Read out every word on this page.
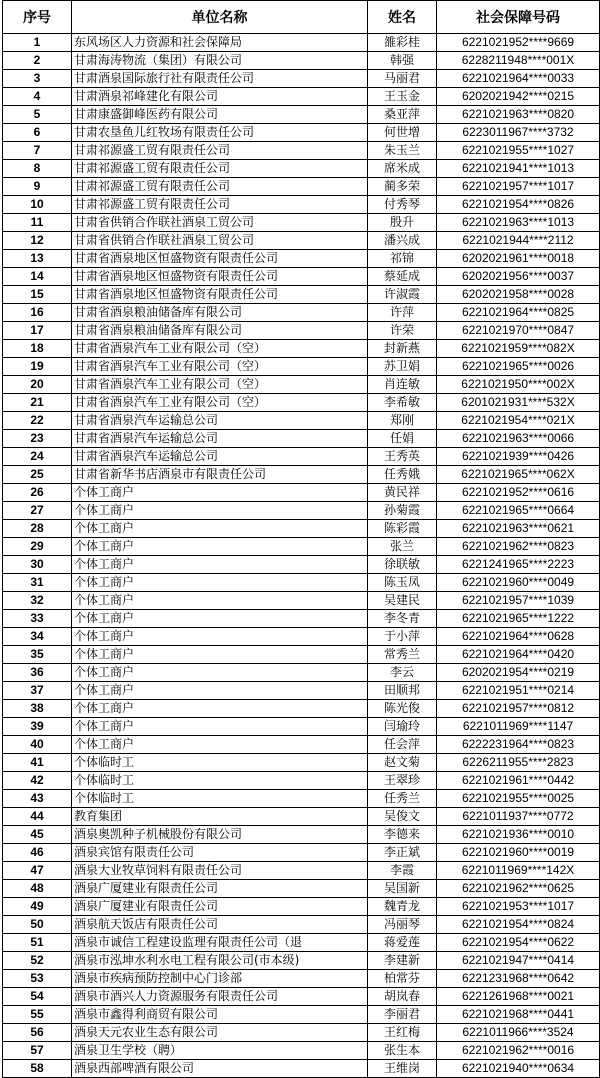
序号	单位名称	姓名	社会保障号码
1	东风场区人力资源和社会保障局	雒彩桂	6221021952****9669
2	甘肃海涛物流（集团）有限公司	韩强	6228211948****001X
3	甘肃酒泉国际旅行社有限责任公司	马丽君	6221021964****0033
4	甘肃酒泉祁峰建化有限公司	王玉金	6202021942****0215
5	甘肃康盛御峰医药有限公司	桑亚萍	6221021963****0820
6	甘肃农垦鱼儿红牧场有限责任公司	何世增	6223011967****3732
7	甘肃祁源盛工贸有限责任公司	朱玉兰	6221021955****1027
8	甘肃祁源盛工贸有限责任公司	席米成	6221021941****1013
9	甘肃祁源盛工贸有限责任公司	蔺多荣	6221021957****1017
10	甘肃祁源盛工贸有限责任公司	付秀琴	6221021954****0826
11	甘肃省供销合作联社酒泉工贸公司	殷升	6221021963****1013
12	甘肃省供销合作联社酒泉工贸公司	潘兴成	6221021944****2112
13	甘肃省酒泉地区恒盛物资有限责任公司	祁锦	6202021961****0018
14	甘肃省酒泉地区恒盛物资有限责任公司	蔡延成	6202021956****0037
15	甘肃省酒泉地区恒盛物资有限责任公司	许淑霞	6202021958****0028
16	甘肃省酒泉粮油储备库有限公司	许萍	6221021964****0825
17	甘肃省酒泉粮油储备库有限公司	许荣	6221021970****0847
18	甘肃省酒泉汽车工业有限公司（空）	封新燕	6221021959****082X
19	甘肃省酒泉汽车工业有限公司（空）	苏卫娟	6221021965****0026
20	甘肃省酒泉汽车工业有限公司（空）	肖连敏	6221021950****002X
21	甘肃省酒泉汽车工业有限公司（空）	李希敏	6201021931****532X
22	甘肃省酒泉汽车运输总公司	郑刚	6221021954****021X
23	甘肃省酒泉汽车运输总公司	任娟	6221021963****0066
24	甘肃省酒泉汽车运输总公司	王秀英	6221021939****0426
25	甘肃省新华书店酒泉市有限责任公司	任秀娥	6221021965****062X
26	个体工商户	黄民祥	6221021952****0616
27	个体工商户	孙菊霞	6221021965****0664
28	个体工商户	陈彩霞	6221021963****0621
29	个体工商户	张兰	6221021962****0823
30	个体工商户	徐联敏	6221241965****2223
31	个体工商户	陈玉凤	6221021960****0049
32	个体工商户	吴建民	6221021957****1039
33	个体工商户	李冬青	6221021965****1222
34	个体工商户	于小萍	6221021964****0628
35	个体工商户	常秀兰	6221021964****0420
36	个体工商户	李云	6202021954****0219
37	个体工商户	田顺邦	6221021951****0214
38	个体工商户	陈光俊	6221021957****0812
39	个体工商户	闫瑜玲	6221011969****1147
40	个体工商户	任会萍	6222231964****0823
41	个体临时工	赵文菊	6226211955****2823
42	个体临时工	王翠珍	6221021961****0442
43	个体临时工	任秀兰	6221021955****0025
44	教育集团	吴俊文	6221011937****0772
45	酒泉奥凯种子机械股份有限公司	李德来	6221021936****0010
46	酒泉宾馆有限责任公司	李正斌	6221021960****0019
47	酒泉大业牧草饲料有限责任公司	李霞	6221011969****142X
48	酒泉广厦建业有限责任公司	吴国新	6221021962****0625
49	酒泉广厦建业有限责任公司	魏青龙	6221021953****1017
50	酒泉航天饭店有限责任公司	冯丽琴	6221021954****0824
51	酒泉市诚信工程建设监理有限责任公司（退	蒋爱莲	6221021954****0622
52	酒泉市泓坤水利水电工程有限公司(市本级)	李建新	6221021947****0414
53	酒泉市疾病预防控制中心门诊部	柏常芬	6221231968****0642
54	酒泉市酒兴人力资源服务有限责任公司	胡岚春	6221261968****0021
55	酒泉市鑫得利商贸有限公司	李丽君	6221021968****0441
56	酒泉天元农业生态有限公司	王红梅	6221011966****3524
57	酒泉卫生学校（聘）	张生本	6221021962****0016
58	酒泉西部啤酒有限公司	王维岗	6221021940****0634
